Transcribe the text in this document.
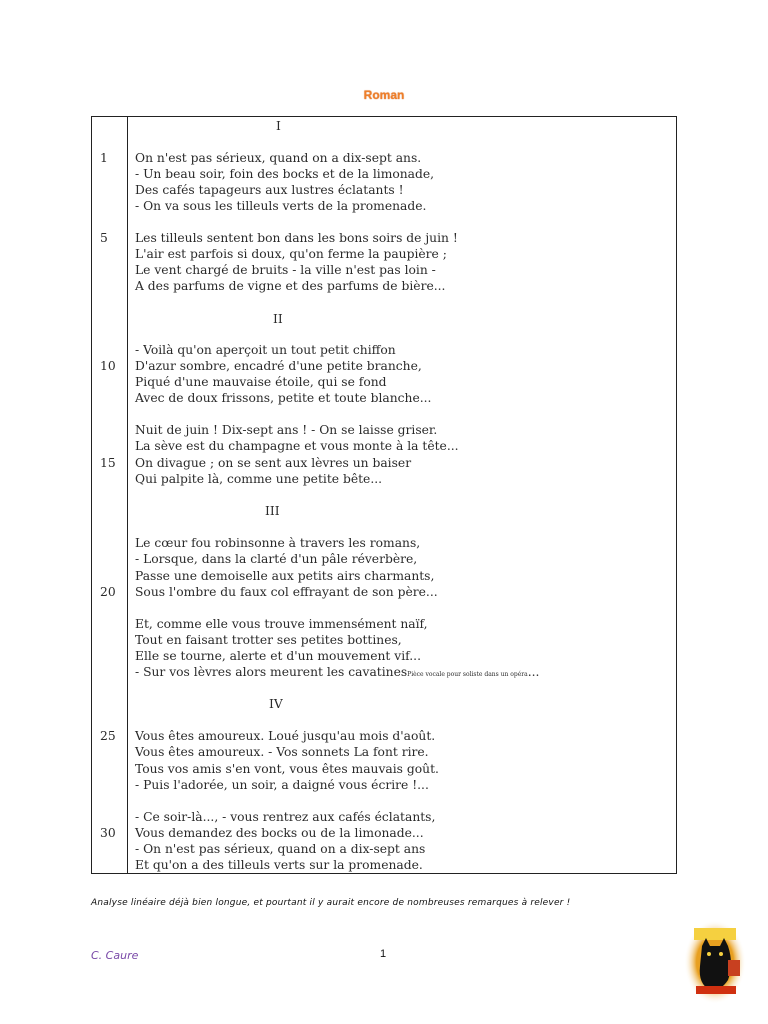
Roman
1
5
10
15
20
25
30
I
II
III
IV
On n'est pas sérieux, quand on a dix-sept ans.
- Un beau soir, foin des bocks et de la limonade,
Des cafés tapageurs aux lustres éclatants !
- On va sous les tilleuls verts de la promenade.
Les tilleuls sentent bon dans les bons soirs de juin !
L'air est parfois si doux, qu'on ferme la paupière ;
Le vent chargé de bruits - la ville n'est pas loin -
A des parfums de vigne et des parfums de bière...
- Voilà qu'on aperçoit un tout petit chiffon
D'azur sombre, encadré d'une petite branche,
Piqué d'une mauvaise étoile, qui se fond
Avec de doux frissons, petite et toute blanche...
Nuit de juin ! Dix-sept ans ! - On se laisse griser.
La sève est du champagne et vous monte à la tête...
On divague ; on se sent aux lèvres un baiser
Qui palpite là, comme une petite bête...
Le cœur fou robinsonne à travers les romans,
- Lorsque, dans la clarté d'un pâle réverbère,
Passe une demoiselle aux petits airs charmants,
Sous l'ombre du faux col effrayant de son père...
Et, comme elle vous trouve immensément naïf,
Tout en faisant trotter ses petites bottines,
Elle se tourne, alerte et d'un mouvement vif...
- Sur vos lèvres alors meurent les cavatinesPièce vocale pour soliste dans un opéra...
Vous êtes amoureux. Loué jusqu'au mois d'août.
Vous êtes amoureux. - Vos sonnets La font rire.
Tous vos amis s'en vont, vous êtes mauvais goût.
- Puis l'adorée, un soir, a daigné vous écrire !...
- Ce soir-là..., - vous rentrez aux cafés éclatants,
Vous demandez des bocks ou de la limonade...
- On n'est pas sérieux, quand on a dix-sept ans
Et qu'on a des tilleuls verts sur la promenade.
Analyse linéaire déjà bien longue, et pourtant il y aurait encore de nombreuses remarques à relever !
C. Caure	1
